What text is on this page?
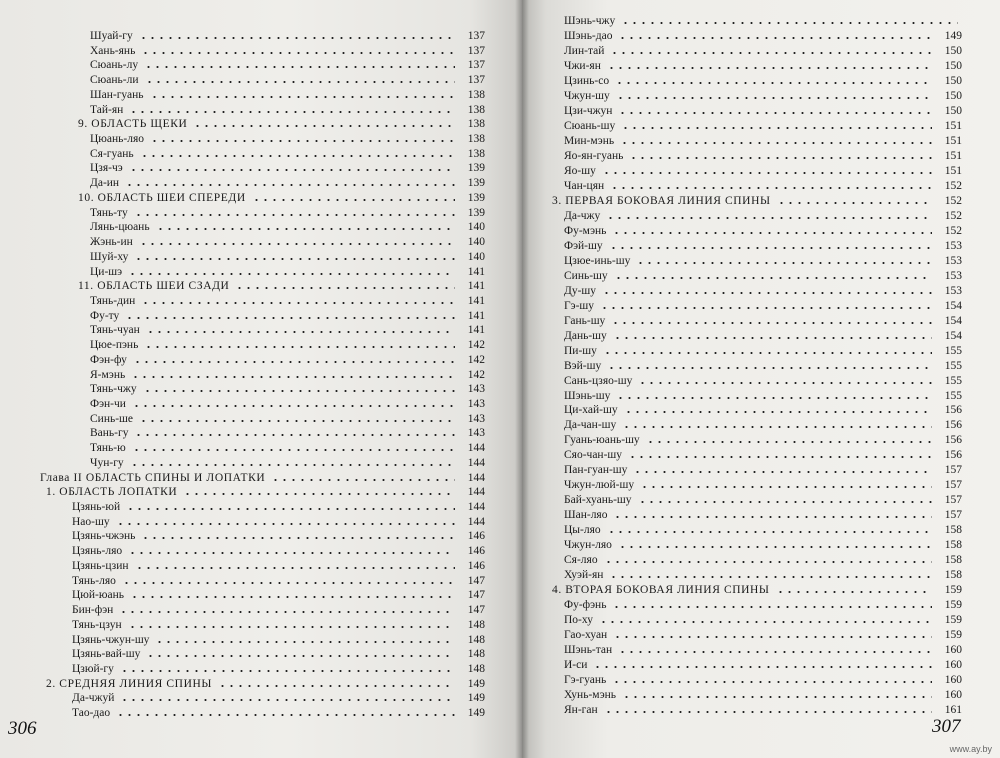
Шуай-гу	137
Хань-янь	137
Сюань-лу	137
Сюань-ли	137
Шан-гуань	138
Тай-ян	138
9. ОБЛАСТЬ ЩЕКИ	138
Цюань-ляо	138
Ся-гуань	138
Цзя-чэ	139
Да-ин	139
10. ОБЛАСТЬ ШЕИ СПЕРЕДИ	139
Тянь-ту	139
Лянь-цюань	140
Жэнь-ин	140
Шуй-ху	140
Ци-шэ	141
11. ОБЛАСТЬ ШЕИ СЗАДИ	141
Тянь-дин	141
Фу-ту	141
Тянь-чуан	141
Цюе-пэнь	142
Фэн-фу	142
Я-мэнь	142
Тянь-чжу	143
Фэн-чи	143
Синь-ше	143
Вань-гу	143
Тянь-ю	144
Чун-гу	144
Глава II ОБЛАСТЬ СПИНЫ И ЛОПАТКИ	144
1. ОБЛАСТЬ ЛОПАТКИ	144
Цзянь-юй	144
Нао-шу	144
Цзянь-чжэнь	146
Цзянь-ляо	146
Цзянь-цзин	146
Тянь-ляо	147
Цюй-юань	147
Бин-фэн	147
Тянь-цзун	148
Цзянь-чжун-шу	148
Цзянь-вай-шу	148
Цзюй-гу	148
2. СРЕДНЯЯ ЛИНИЯ СПИНЫ	149
Да-чжуй	149
Тао-дао	149
306
Шэнь-чжу
Шэнь-дао	149
Лин-тай	150
Чжи-ян	150
Цзинь-со	150
Чжун-шу	150
Цзи-чжун	150
Сюань-шу	151
Мин-мэнь	151
Яо-ян-гуань	151
Яо-шу	151
Чан-цян	152
3. ПЕРВАЯ БОКОВАЯ ЛИНИЯ СПИНЫ	152
Да-чжу	152
Фу-мэнь	152
Фэй-шу	153
Цзюе-инь-шу	153
Синь-шу	153
Ду-шу	153
Гэ-шу	154
Гань-шу	154
Дань-шу	154
Пи-шу	155
Вэй-шу	155
Сань-цзяо-шу	155
Шэнь-шу	155
Ци-хай-шу	156
Да-чан-шу	156
Гуань-юань-шу	156
Сяо-чан-шу	156
Пан-гуан-шу	157
Чжун-люй-шу	157
Бай-хуань-шу	157
Шан-ляо	157
Цы-ляо	158
Чжун-ляо	158
Ся-ляо	158
Хуэй-ян	158
4. ВТОРАЯ БОКОВАЯ ЛИНИЯ СПИНЫ	159
Фу-фэнь	159
По-ху	159
Гао-хуан	159
Шэнь-тан	160
И-си	160
Гэ-гуань	160
Хунь-мэнь	160
Ян-ган	161
307
www.ay.by
